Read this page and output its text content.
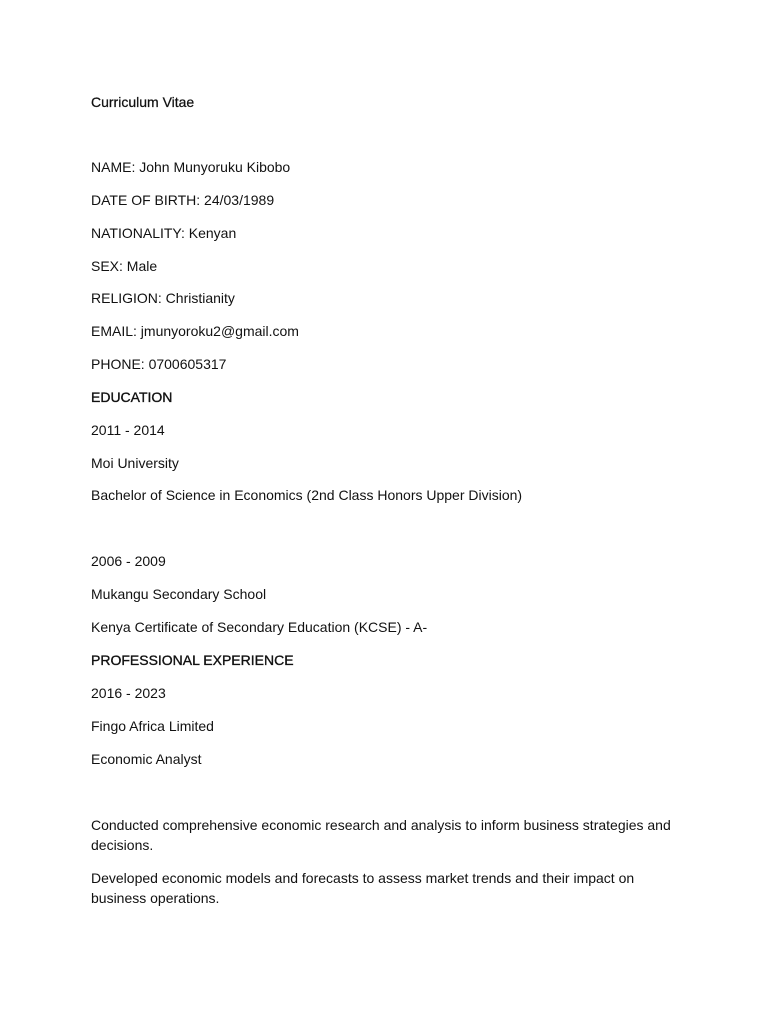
Curriculum Vitae

NAME: John Munyoruku Kibobo

DATE OF BIRTH: 24/03/1989

NATIONALITY: Kenyan

SEX: Male

RELIGION: Christianity

EMAIL: jmunyoroku2@gmail.com

PHONE: 0700605317

EDUCATION

2011 - 2014

Moi University

Bachelor of Science in Economics (2nd Class Honors Upper Division)

2006 - 2009

Mukangu Secondary School

Kenya Certificate of Secondary Education (KCSE) - A-

PROFESSIONAL EXPERIENCE

2016 - 2023

Fingo Africa Limited

Economic Analyst

Conducted comprehensive economic research and analysis to inform business strategies and decisions.

Developed economic models and forecasts to assess market trends and their impact on business operations.
